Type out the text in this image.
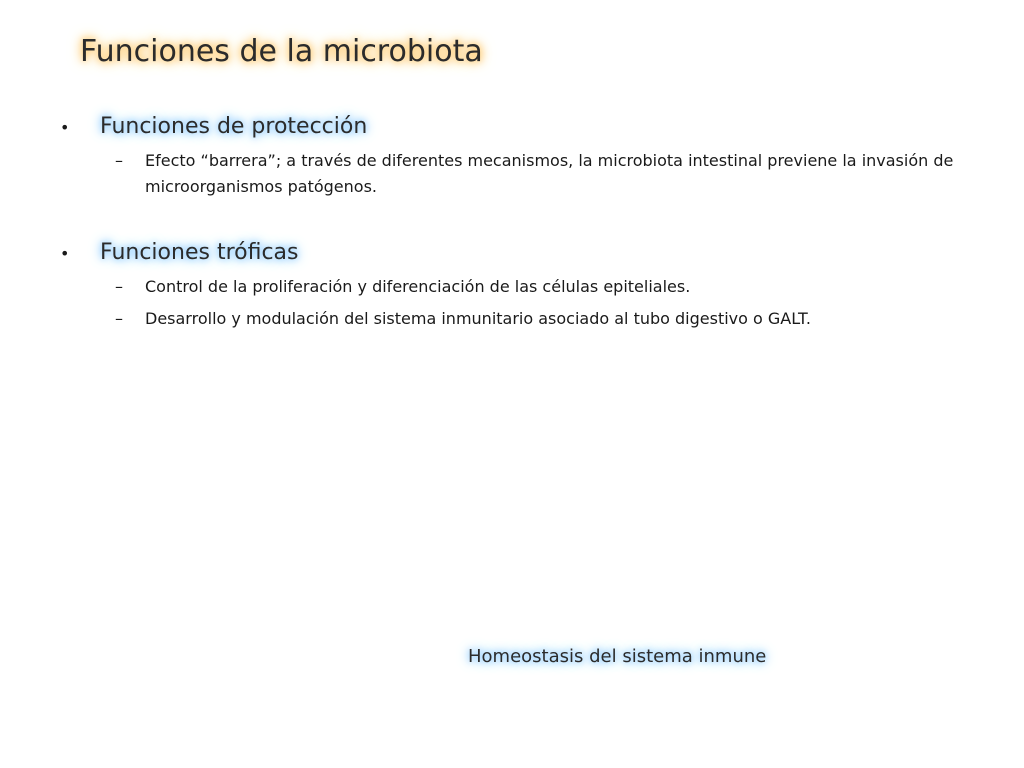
Funciones de la microbiota
• Funciones de protección
– Efecto “barrera”; a través de diferentes mecanismos, la microbiota intestinal previene la invasión de microorganismos patógenos.
• Funciones tróficas
– Control de la proliferación y diferenciación de las células epiteliales.
– Desarrollo y modulación del sistema inmunitario asociado al tubo digestivo o GALT.
Homeostasis del sistema inmune
